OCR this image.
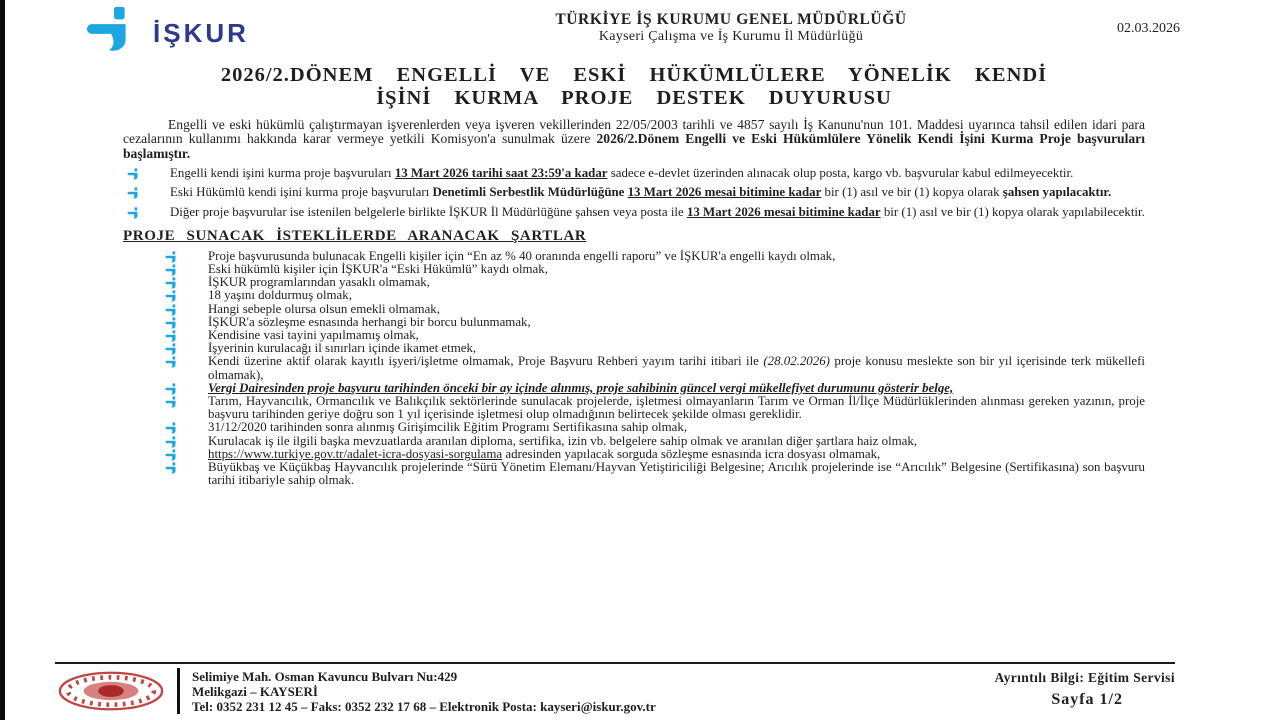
İŞKUR	TÜRKİYE İŞ KURUMU GENEL MÜDÜRLÜĞÜ
Kayseri Çalışma ve İş Kurumu İl Müdürlüğü
02.03.2026
2026/2.DÖNEM ENGELLİ VE ESKİ HÜKÜMLÜLERE YÖNELİK KENDİ
İŞİNİ KURMA PROJE DESTEK DUYURUSU

Engelli ve eski hükümlü çalıştırmayan işverenlerden veya işveren vekillerinden 22/05/2003 tarihli ve 4857 sayılı İş Kanunu'nun 101. Maddesi uyarınca tahsil edilen idari para cezalarının kullanımı hakkında karar vermeye yetkili Komisyon'a sunulmak üzere 2026/2.Dönem Engelli ve Eski Hükümlülere Yönelik Kendi İşini Kurma Proje başvuruları başlamıştır.

Engelli kendi işini kurma proje başvuruları 13 Mart 2026 tarihi saat 23:59'a kadar sadece e-devlet üzerinden alınacak olup posta, kargo vb. başvurular kabul edilmeyecektir.

Eski Hükümlü kendi işini kurma proje başvuruları Denetimli Serbestlik Müdürlüğüne 13 Mart 2026 mesai bitimine kadar bir (1) asıl ve bir (1) kopya olarak şahsen yapılacaktır.

Diğer proje başvurular ise istenilen belgelerle birlikte İŞKUR İl Müdürlüğüne şahsen veya posta ile 13 Mart 2026 mesai bitimine kadar bir (1) asıl ve bir (1) kopya olarak yapılabilecektir.

PROJE SUNACAK İSTEKLİLERDE ARANACAK ŞARTLAR

Proje başvurusunda bulunacak Engelli kişiler için “En az % 40 oranında engelli raporu” ve İŞKUR'a engelli kaydı olmak,

Eski hükümlü kişiler için İŞKUR'a “Eski Hükümlü” kaydı olmak,

İŞKUR programlarından yasaklı olmamak,

18 yaşını doldurmuş olmak,

Hangi sebeple olursa olsun emekli olmamak,

İŞKUR'a sözleşme esnasında herhangi bir borcu bulunmamak,

Kendisine vasi tayini yapılmamış olmak,

İşyerinin kurulacağı il sınırları içinde ikamet etmek,

Kendi üzerine aktif olarak kayıtlı işyeri/işletme olmamak, Proje Başvuru Rehberi yayım tarihi itibari ile (28.02.2026) proje konusu meslekte son bir yıl içerisinde terk mükellefi olmamak),

Vergi Dairesinden proje başvuru tarihinden önceki bir ay içinde alınmış, proje sahibinin güncel vergi mükellefiyet durumunu gösterir belge,

Tarım, Hayvancılık, Ormancılık ve Balıkçılık sektörlerinde sunulacak projelerde, işletmesi olmayanların Tarım ve Orman İl/İlçe Müdürlüklerinden alınması gereken yazının, proje başvuru tarihinden geriye doğru son 1 yıl içerisinde işletmesi olup olmadığının belirtecek şekilde olması gereklidir.

31/12/2020 tarihinden sonra alınmış Girişimcilik Eğitim Programı Sertifikasına sahip olmak,

Kurulacak iş ile ilgili başka mevzuatlarda aranılan diploma, sertifika, izin vb. belgelere sahip olmak ve aranılan diğer şartlara haiz olmak,

https://www.turkiye.gov.tr/adalet-icra-dosyasi-sorgulama adresinden yapılacak sorguda sözleşme esnasında icra dosyası olmamak,

Büyükbaş ve Küçükbaş Hayvancılık projelerinde “Sürü Yönetim Elemanı/Hayvan Yetiştiriciliği Belgesine; Arıcılık projelerinde ise “Arıcılık” Belgesine (Sertifikasına) son başvuru tarihi itibariyle sahip olmak.

Selimiye Mah. Osman Kavuncu Bulvarı Nu:429
Melikgazi – KAYSERİ
Tel: 0352 231 12 45 – Faks: 0352 232 17 68 – Elektronik Posta: kayseri@iskur.gov.tr
Ayrıntılı Bilgi: Eğitim Servisi
Sayfa 1/2
